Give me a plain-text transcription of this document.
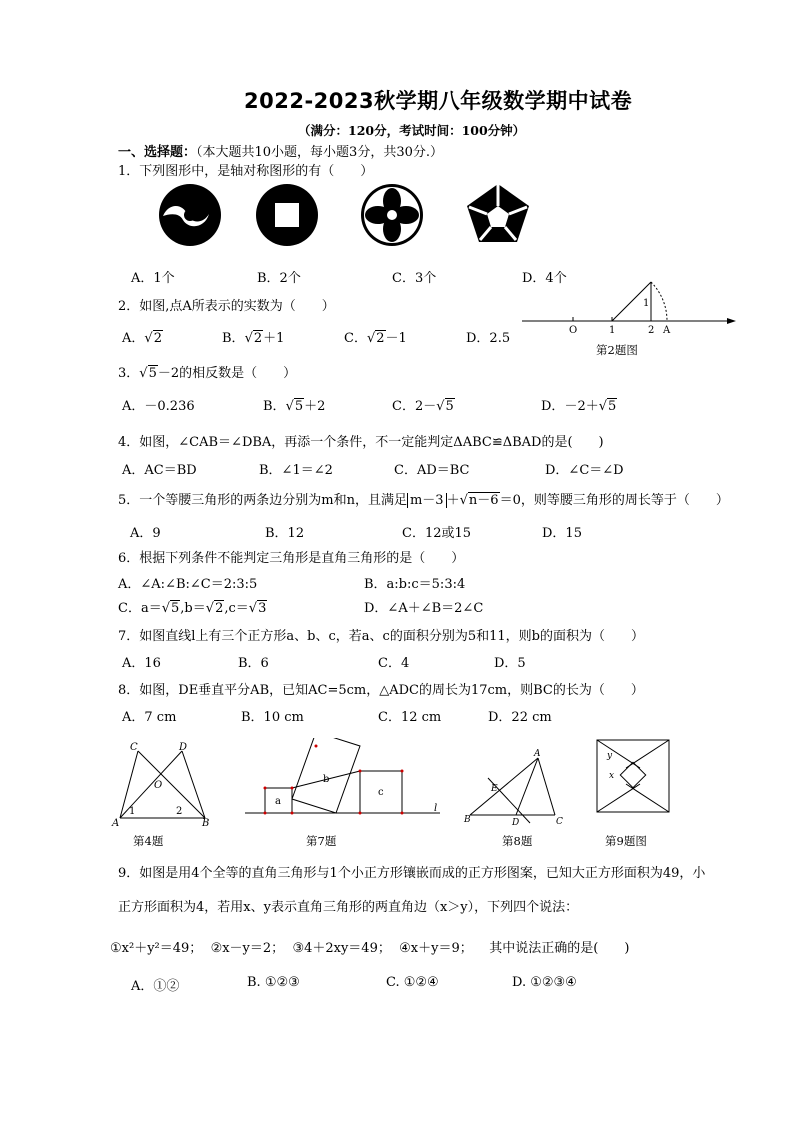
2022-2023秋学期八年级数学期中试卷
（满分：120分，考试时间：100分钟）
一、选择题：（本大题共10小题，每小题3分，共30分.）
1．下列图形中，是轴对称图形的有（　　）
A．1个	B．2个	C．3个	D．4个
2．如图,点A所表示的实数为（　　）
A．√2	B．√2＋1	C．√2－1	D．2.5
1
O	1	2 A
第2题图
3．√5－2的相反数是（　　）
A．－0.236	B．√5＋2	C．2－√5	D．－2＋√5
4．如图，∠CAB＝∠DBA，再添一个条件，不一定能判定ΔABC≌ΔBAD的是(　　)
A．AC＝BD	B．∠1＝∠2	C．AD＝BC	D．∠C＝∠D
5．一个等腰三角形的两条边分别为m和n，且满足 m－3 ＋√n－6＝0，则等腰三角形的周长等于（　　）
A．9	B．12	C．12或15	D．15
6．根据下列条件不能判定三角形是直角三角形的是（　　）
A．∠A:∠B:∠C＝2:3:5	B．a:b:c＝5:3:4
C．a＝√5,b＝√2,c＝√3	D．∠A＋∠B＝2∠C
7．如图直线l上有三个正方形a、b、c，若a、c的面积分别为5和11，则b的面积为（　　）
A．16	B．6	C．4	D．5
8．如图，DE垂直平分AB，已知AC=5cm，△ADC的周长为17cm，则BC的长为（　　）
A．7 cm	B．10 cm	C．12 cm	D．22 cm
C	D
O
1	2
A	B
a
b
c
l
A
E
B	D	C
y
x
第4题	第7题	第8题	第9题图
9．如图是用4个全等的直角三角形与1个小正方形镶嵌而成的正方形图案，已知大正方形面积为49，小
正方形面积为4，若用x、y表示直角三角形的两直角边（x＞y），下列四个说法：
①x²＋y²＝49； ②x－y＝2； ③4＋2xy＝49； ④x＋y＝9； 其中说法正确的是(　　)
A．①②	B. ①②③	C. ①②④	D. ①②③④
